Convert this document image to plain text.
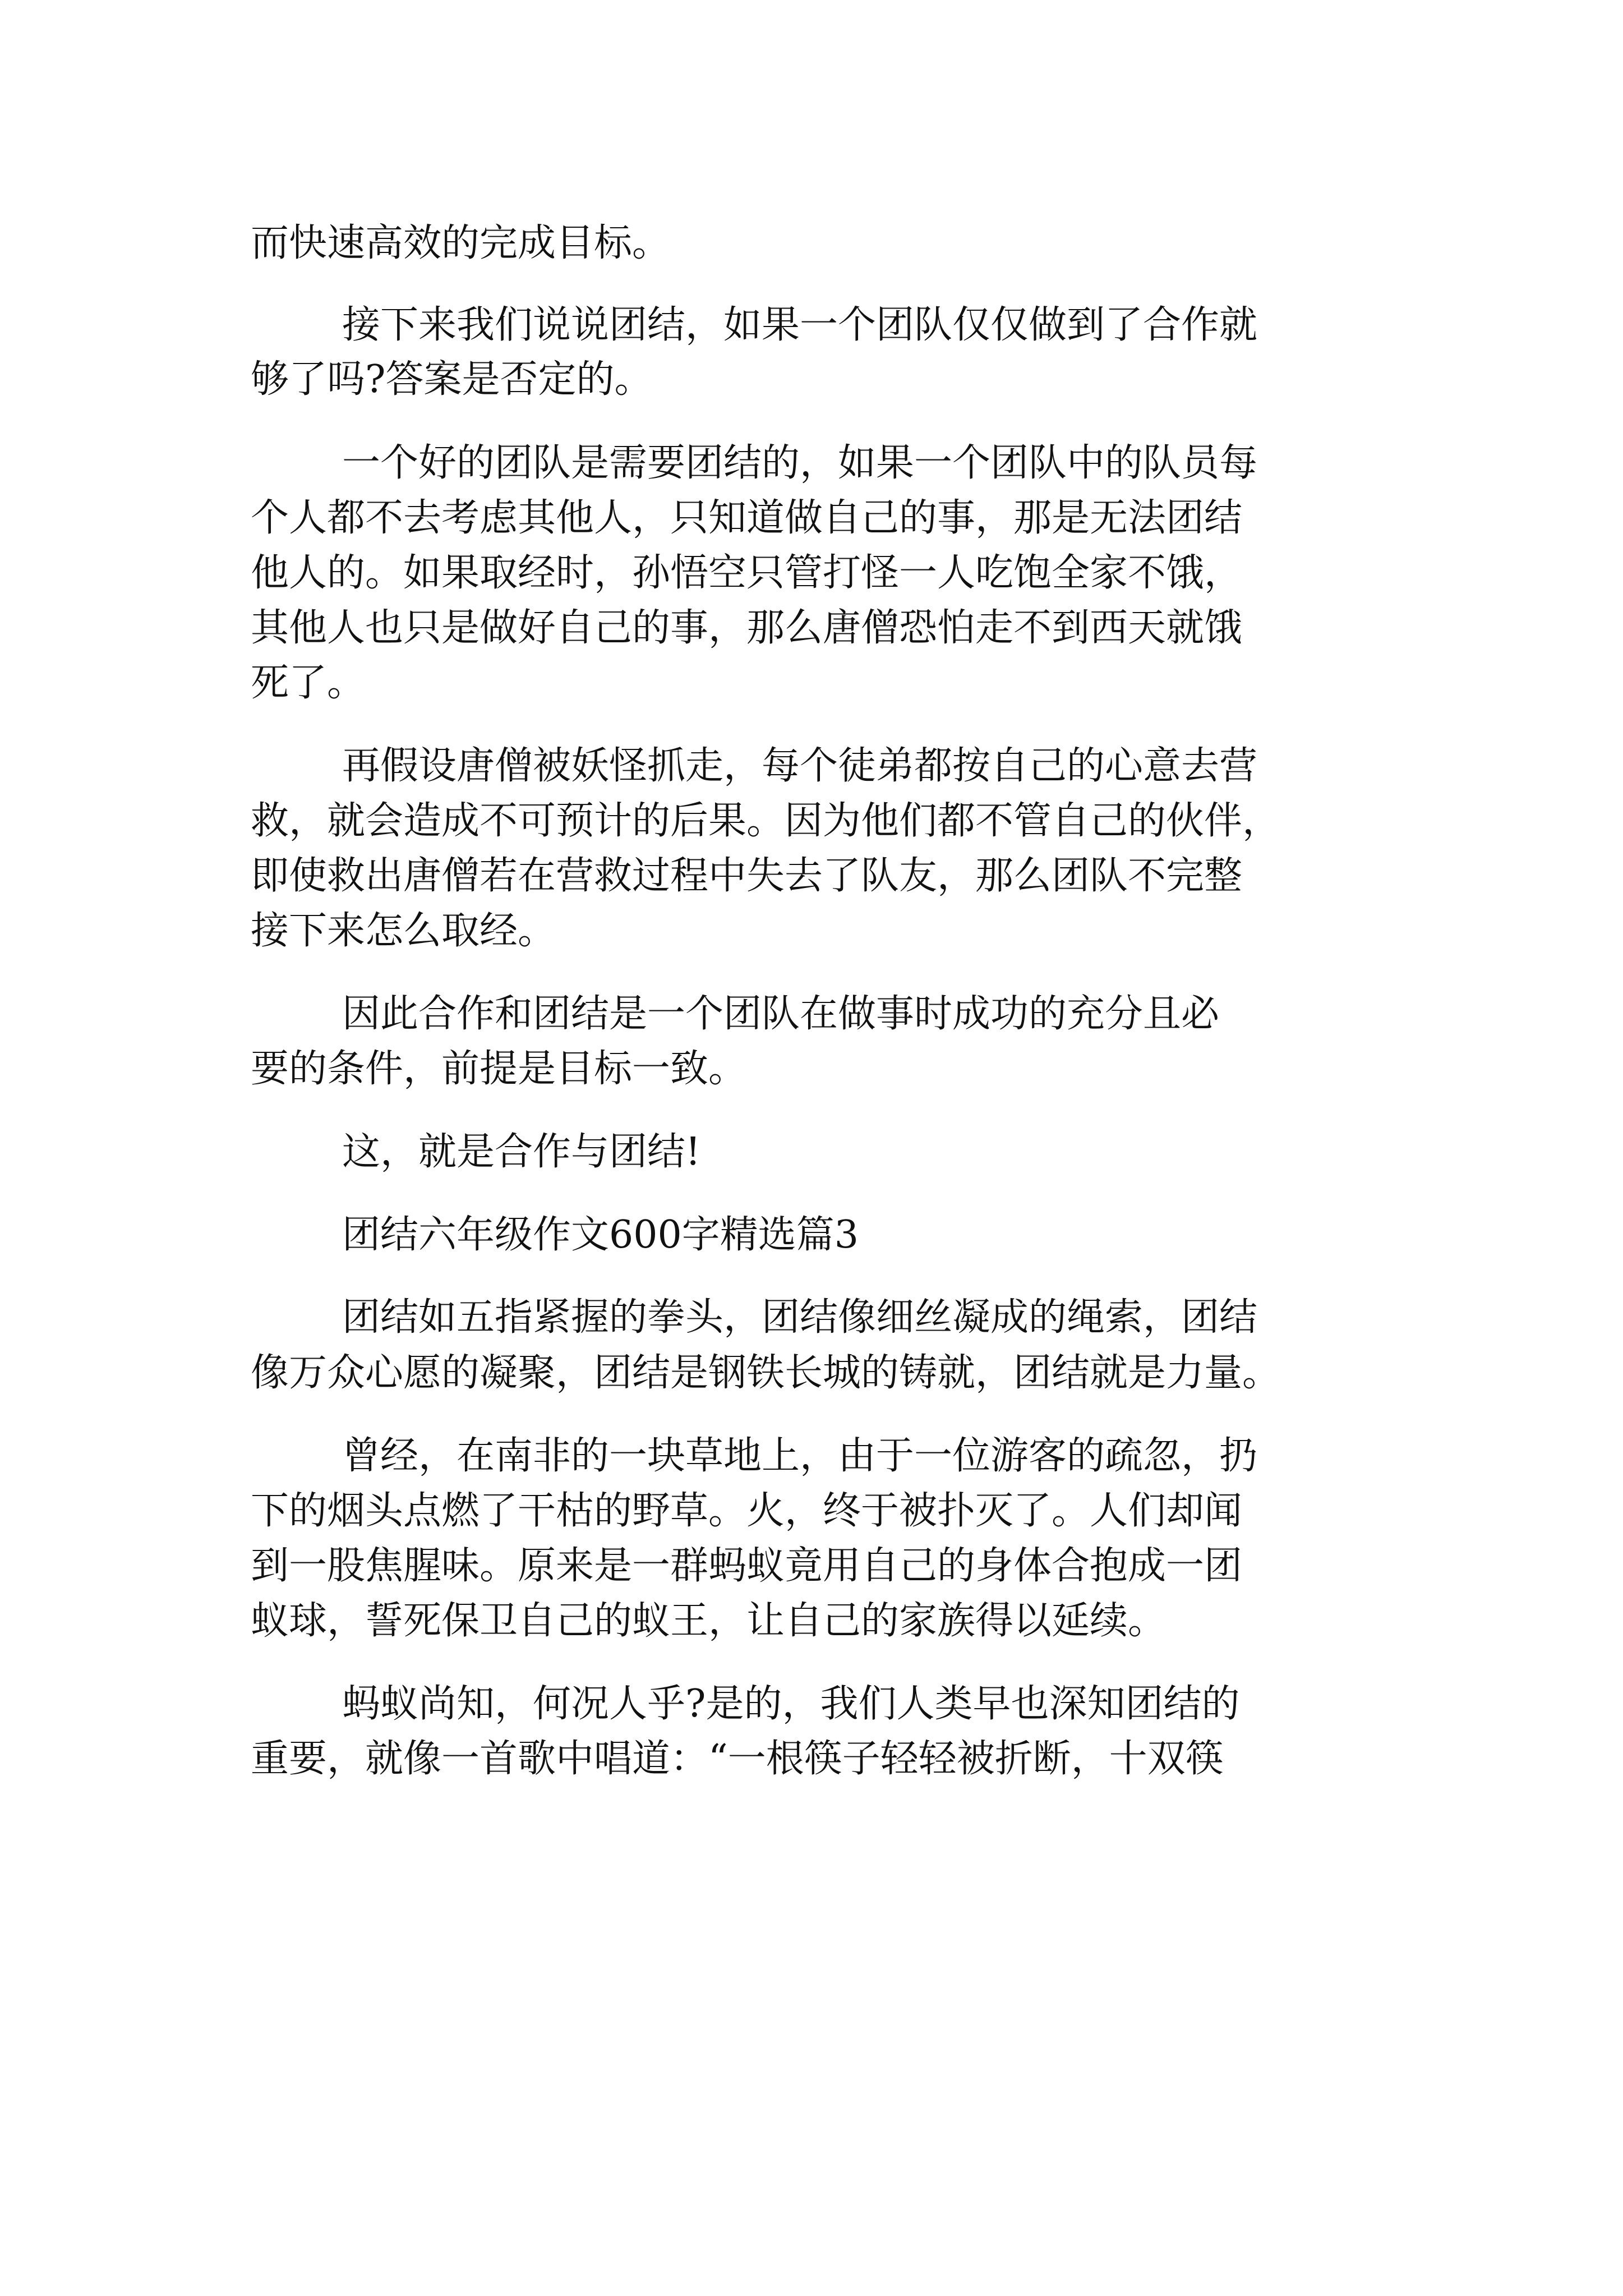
而快速高效的完成目标。

接下来我们说说团结，如果一个团队仅仅做到了合作就

够了吗?答案是否定的。

一个好的团队是需要团结的，如果一个团队中的队员每

个人都不去考虑其他人，只知道做自己的事，那是无法团结

他人的。如果取经时，孙悟空只管打怪一人吃饱全家不饿，

其他人也只是做好自己的事，那么唐僧恐怕走不到西天就饿

死了。

再假设唐僧被妖怪抓走，每个徒弟都按自己的心意去营

救，就会造成不可预计的后果。因为他们都不管自己的伙伴，

即使救出唐僧若在营救过程中失去了队友，那么团队不完整

接下来怎么取经。

因此合作和团结是一个团队在做事时成功的充分且必

要的条件，前提是目标一致。

这，就是合作与团结!

团结六年级作文600字精选篇3

团结如五指紧握的拳头，团结像细丝凝成的绳索，团结

像万众心愿的凝聚，团结是钢铁长城的铸就，团结就是力量。

曾经，在南非的一块草地上，由于一位游客的疏忽，扔

下的烟头点燃了干枯的野草。火，终于被扑灭了。人们却闻

到一股焦腥味。原来是一群蚂蚁竟用自己的身体合抱成一团

蚁球，誓死保卫自己的蚁王，让自己的家族得以延续。

蚂蚁尚知，何况人乎?是的，我们人类早也深知团结的

重要，就像一首歌中唱道：“一根筷子轻轻被折断，十双筷
